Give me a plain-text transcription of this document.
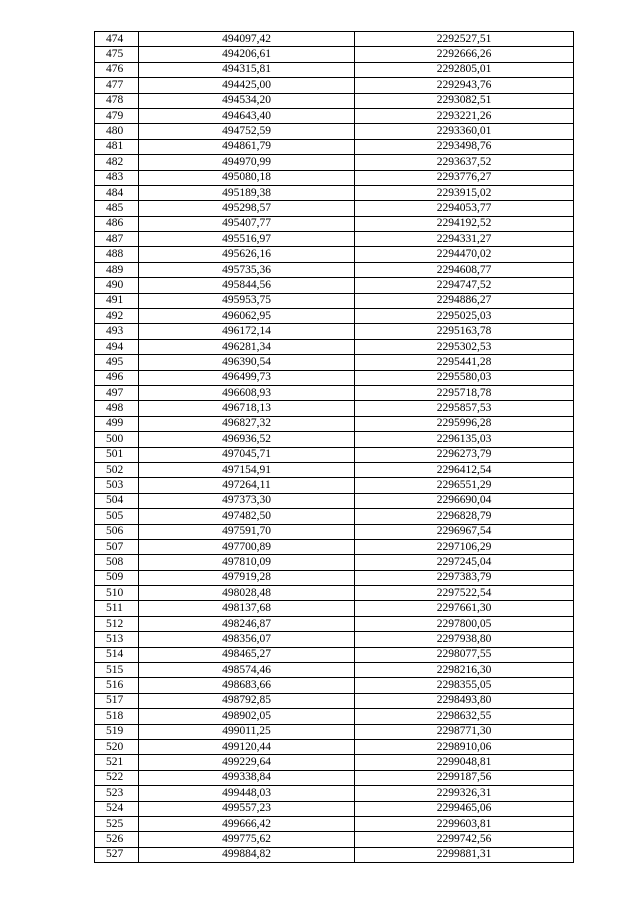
474	494097,42	2292527,51
475	494206,61	2292666,26
476	494315,81	2292805,01
477	494425,00	2292943,76
478	494534,20	2293082,51
479	494643,40	2293221,26
480	494752,59	2293360,01
481	494861,79	2293498,76
482	494970,99	2293637,52
483	495080,18	2293776,27
484	495189,38	2293915,02
485	495298,57	2294053,77
486	495407,77	2294192,52
487	495516,97	2294331,27
488	495626,16	2294470,02
489	495735,36	2294608,77
490	495844,56	2294747,52
491	495953,75	2294886,27
492	496062,95	2295025,03
493	496172,14	2295163,78
494	496281,34	2295302,53
495	496390,54	2295441,28
496	496499,73	2295580,03
497	496608,93	2295718,78
498	496718,13	2295857,53
499	496827,32	2295996,28
500	496936,52	2296135,03
501	497045,71	2296273,79
502	497154,91	2296412,54
503	497264,11	2296551,29
504	497373,30	2296690,04
505	497482,50	2296828,79
506	497591,70	2296967,54
507	497700,89	2297106,29
508	497810,09	2297245,04
509	497919,28	2297383,79
510	498028,48	2297522,54
511	498137,68	2297661,30
512	498246,87	2297800,05
513	498356,07	2297938,80
514	498465,27	2298077,55
515	498574,46	2298216,30
516	498683,66	2298355,05
517	498792,85	2298493,80
518	498902,05	2298632,55
519	499011,25	2298771,30
520	499120,44	2298910,06
521	499229,64	2299048,81
522	499338,84	2299187,56
523	499448,03	2299326,31
524	499557,23	2299465,06
525	499666,42	2299603,81
526	499775,62	2299742,56
527	499884,82	2299881,31
